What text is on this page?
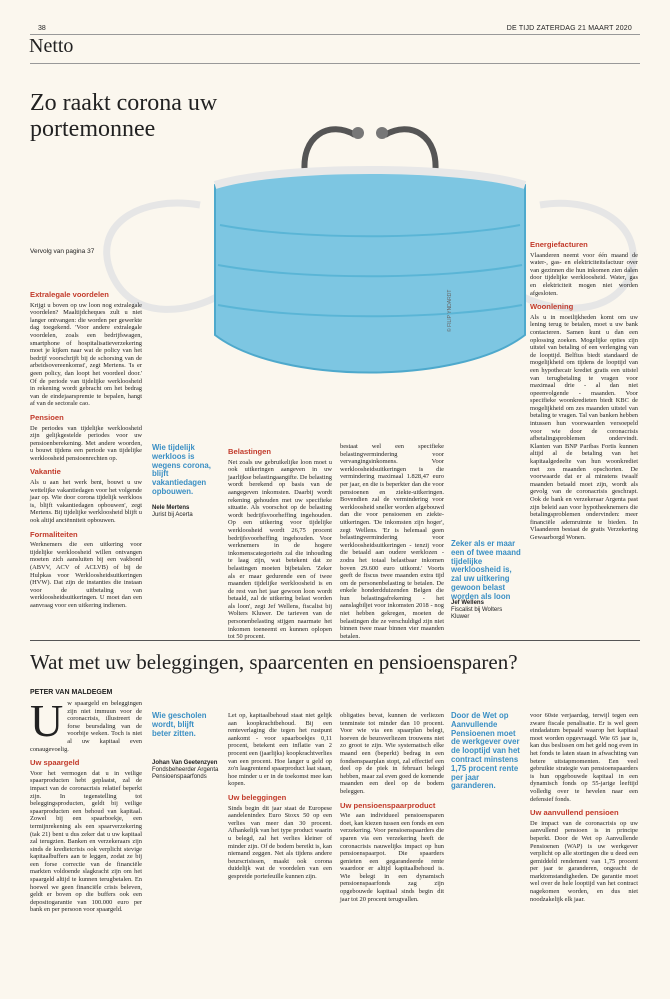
38	DE TIJD ZATERDAG 21 MAART 2020
Netto
Zo raakt corona uw portemonnee
© FILIP YNDARDT
Vervolg van pagina 37
Extralegale voordelen

Krijgt u boven op uw loon nog extralegale voordelen? Maaltijdcheques zult u niet langer ontvangen: die worden per gewerkte dag toegekend. 'Voor andere extralegale voordelen, zoals een bedrijfswagen, smartphone of hospitalisatieverzekering moet je kijken naar wat de policy van het bedrijf voorschrijft bij de schorsing van de arbeidsovereenkomst', zegt Mertens. 'Is er geen policy, dan loopt het voordeel door.' Of de periode van tijdelijke werkloosheid in rekening wordt gebracht om het bedrag van de eindejaarspremie te bepalen, hangt af van de sectorale cao.

Pensioen

De periodes van tijdelijke werkloosheid zijn gelijkgestelde periodes voor uw pensioenberekening. Met andere woorden, u bouwt tijdens een periode van tijdelijke werkloosheid pensioenrechten op.

Vakantie

Als u aan het werk bent, bouwt u uw wettelijke vakantiedagen voor het volgende jaar op. Wie door corona tijdelijk werkloos is, blijft vakantiedagen opbouwen', zegt Mertens. Bij tijdelijke werkloosheid blijft u ook altijd anciënniteit opbouwen.

Formaliteiten

Werknemers die een uitkering voor tijdelijke werkloosheid willen ontvangen moeten zich aansluiten bij een vakbond (ABVV, ACV of ACLVB) of bij de Hulpkas voor Werkloosheidsuitkeringen (HVW). Dat zijn de instanties die instaan voor de uitbetaling van werkloosheidsuitkeringen. U moet dan een aanvraag voor een uitkering indienen.

Wie tijdelijk werkloos is wegens corona, blijft vakantiedagen opbouwen.
Nele Mertens
Jurist bij Acerta
Belastingen

Net zoals uw gebruikelijke loon moet u ook uitkeringen aangeven in uw jaarlijkse belastingaangifte. De belasting wordt berekend op basis van de aangegeven inkomsten. Daarbij wordt rekening gehouden met uw specifieke situatie. Als voorschot op de belasting wordt bedrijfsvoorheffing ingehouden. Op een uitkering voor tijdelijke werkloosheid wordt 26,75 procent bedrijfsvoorheffing ingehouden. Voor werknemers in de hogere inkomenscategorieën zal die inhouding te laag zijn, wat betekent dat ze belastingen moeten bijbetalen. 'Zeker als er maar gedurende een of twee maanden tijdelijke werkloosheid is en de rest van het jaar gewoon loon wordt betaald, zal de uitkering belast worden als loon', zegt Jef Wellens, fiscalist bij Wolters Kluwer. De tarieven van de personenbelasting stijgen naarmate het inkomen toeneemt en kunnen oplopen tot 50 procent.

bestaat wel een specifieke belastingvermindering voor vervangingsinkomens. Voor werkloosheidsuitkeringen is die vermindering maximaal 1.828,47 euro per jaar, en die is beperkter dan die voor pensioenen en ziekte-uitkeringen. Bovendien zal de vermindering voor werkloosheid sneller worden afgebouwd dan die voor pensioenen en ziekte-uitkeringen. 'De inkomsten zijn hoger', zegt Wellens. 'Er is helemaal geen belastingvermindering voor werkloosheidsuitkeringen - tenzij voor die betaald aan oudere werklozen - zodra het totaal belastbaar inkomen boven 29.600 euro uitkomt.' Voorts geeft de fiscus twee maanden extra tijd om de personenbelasting te betalen. De enkele honderdduizenden Belgen die hun belastingafrekening - het aanslagbiljet voor inkomsten 2018 - nog niet hebben gekregen, moeten de belastingen die ze verschuldigd zijn niet binnen twee maar binnen vier maanden betalen.

Zeker als er maar een of twee maand tijdelijke werkloosheid is, zal uw uitkering gewoon belast worden als loon
Jef Wellens
Fiscalist bij Wolters Kluwer
Energiefacturen

Vlaanderen neemt voor één maand de water-, gas- en elektriciteitsfactuur over van gezinnen die hun inkomen zien dalen door tijdelijke werkloosheid. Water, gas en elektriciteit mogen niet worden afgesloten.

Woonlening

Als u in moeilijkheden komt om uw lening terug te betalen, moet u uw bank contacteren. Samen kunt u dan een oplossing zoeken. Mogelijke opties zijn uitstel van betaling of een verlenging van de looptijd. Belfius biedt standaard de mogelijkheid om tijdens de looptijd van een hypothecair krediet gratis een uitstel van terugbetaling te vragen voor maximaal drie - al dan niet opeenvolgende - maanden. Voor specifieke woonkredieten biedt KBC de mogelijkheid om zes maanden uitstel van betaling te vragen. Tal van banken hebben intussen hun voorwaarden versoepeld voor wie door de coronacrisis afbetalingsproblemen ondervindt. Klanten van BNP Paribas Fortis kunnen altijd al de betaling van het kapitaalgedeelte van hun woonkrediet met zes maanden opschorten. De voorwaarde dat er al minstens twaalf maanden betaald moet zijn, wordt als gevolg van de coronacrisis geschrapt. Ook de bank en verzekeraar Argenta past zijn beleid aan voor hypotheeknemers die betalingsproblemen ondervinden: meer financiële ademruimte te bieden. In Vlaanderen bestaat de gratis Verzekering Gewaarborgd Wonen.

Wat met uw beleggingen, spaarcenten en pensioensparen?
PETER VAN MALDEGEM

Uw spaargeld en beleggingen zijn niet immuun voor de coronacrisis, illustreert de forse beursdaling van de voorbije weken. Toch is niet al uw kapitaal even conaugevoelig.

Uw spaargeld

Voor het vermogen dat u in veilige spaarproducten hebt geplaatst, zal de impact van de coronacrisis relatief beperkt zijn. In tegenstelling tot beleggingsproducten, geldt bij veilige spaarproducten een behoud van kapitaal. Zowel bij een spaarboekje, een termijnrekening als een spaarverzekering (tak 21) bent u dus zeker dat u uw kapitaal zal terugzien. Banken en verzekeraars zijn sinds de kredietcrisis ook verplicht stevige kapitaalbuffers aan te leggen, zodat ze bij een forse correctie van de financiële markten voldoende slagkracht zijn om het spaargeld altijd te kunnen terugbetalen. En hoewel we geen financiële crisis beleven, geldt er boven op die buffers ook een depositogarantie van 100.000 euro per bank en per persoon voor spaargeld.

Wie gescholen wordt, blijft beter zitten.
Johan Van Geetenzyen
Fondsbeheerder Argenta Pensioenspaarfonds

Let op, kapitaalbehoud staat niet gelijk aan koopkrachtbehoud. Bij een renteverlaging die tegen het rustpunt aankomt - voor spaarboekjes 0,11 procent, betekent een inflatie van 2 procent een (jaarlijks) koopkrachtverlies van een procent. Hoe langer u geld op zo'n laagrentend spaarproduct laat staan, hoe minder u er in de toekomst mee kan kopen.

Uw beleggingen

Sinds begin dit jaar staat de Europese aandelenindex Euro Stoxx 50 op een verlies van meer dan 30 procent. Afhankelijk van het type product waarin u belegd, zal het verlies kleiner of minder zijn. Of de bodem bereikt is, kan niemand zeggen. Net als tijdens andere beurscrisissen, maakt ook corona duidelijk wat de voordelen van een gespreide portefeuille kunnen zijn.

obligaties bevat, kunnen de verliezen tenminste tot minder dan 10 procent. Voor wie via een spaarplan belegt, hoeven de beursverliezen trouwens niet zo groot te zijn. Wie systematisch elke maand een (beperkt) bedrag in een fondsenspaarplan stopt, zal effectief een deel op de piek in februari belegd hebben, maar zal even goed de komende maanden een deel op de bodem beleggen.

Uw pensioenspaarproduct

Wie aan individueel pensioensparen doet, kan kiezen tussen een fonds en een verzekering. Voor pensioenspaarders die sparen via een verzekering heeft de coronacrisis nauwelijks impact op hun pensioenspaarpot. Die spaarders genieten een gegarandeerde rente waardoor er altijd kapitaalbehoud is. Wie belegt in een dynamisch pensioenspaarfonds zag zijn opgebouwde kapitaal sinds begin dit jaar tot 20 procent terugvallen.

Door de Wet op Aanvullende Pensioenen moet de werkgever over de looptijd van het contract minstens 1,75 procent rente per jaar garanderen.

voor 60ste verjaardag, terwijl tegen een zware fiscale penalisatie. Er is wel geen eindadatum bepaald waarop het kapitaal moet worden opgevraagd. Wie 65 jaar is, kan dus beslissen om het geld nog even in het fonds te laten staan in afwachting van betere uitstapmomenten. Een veel gebruikte strategie van pensioenspaarders is hun opgebouwde kapitaal in een dynamisch fonds op 55-jarige leeftijd volledig over te hevelen naar een defensief fonds.

Uw aanvullend pensioen

De impact van de coronacrisis op uw aanvullend pensioen is in principe beperkt. Door de Wet op Aanvullende Pensioenen (WAP) is uw werkgever verplicht op alle stortingen die u deed een gemiddeld rendement van 1,75 procent per jaar te garanderen, ongeacht de marktomstandigheden. De garantie moet wel over de hele looptijd van het contract nagekomen worden, en dus niet noodzakelijk elk jaar.
